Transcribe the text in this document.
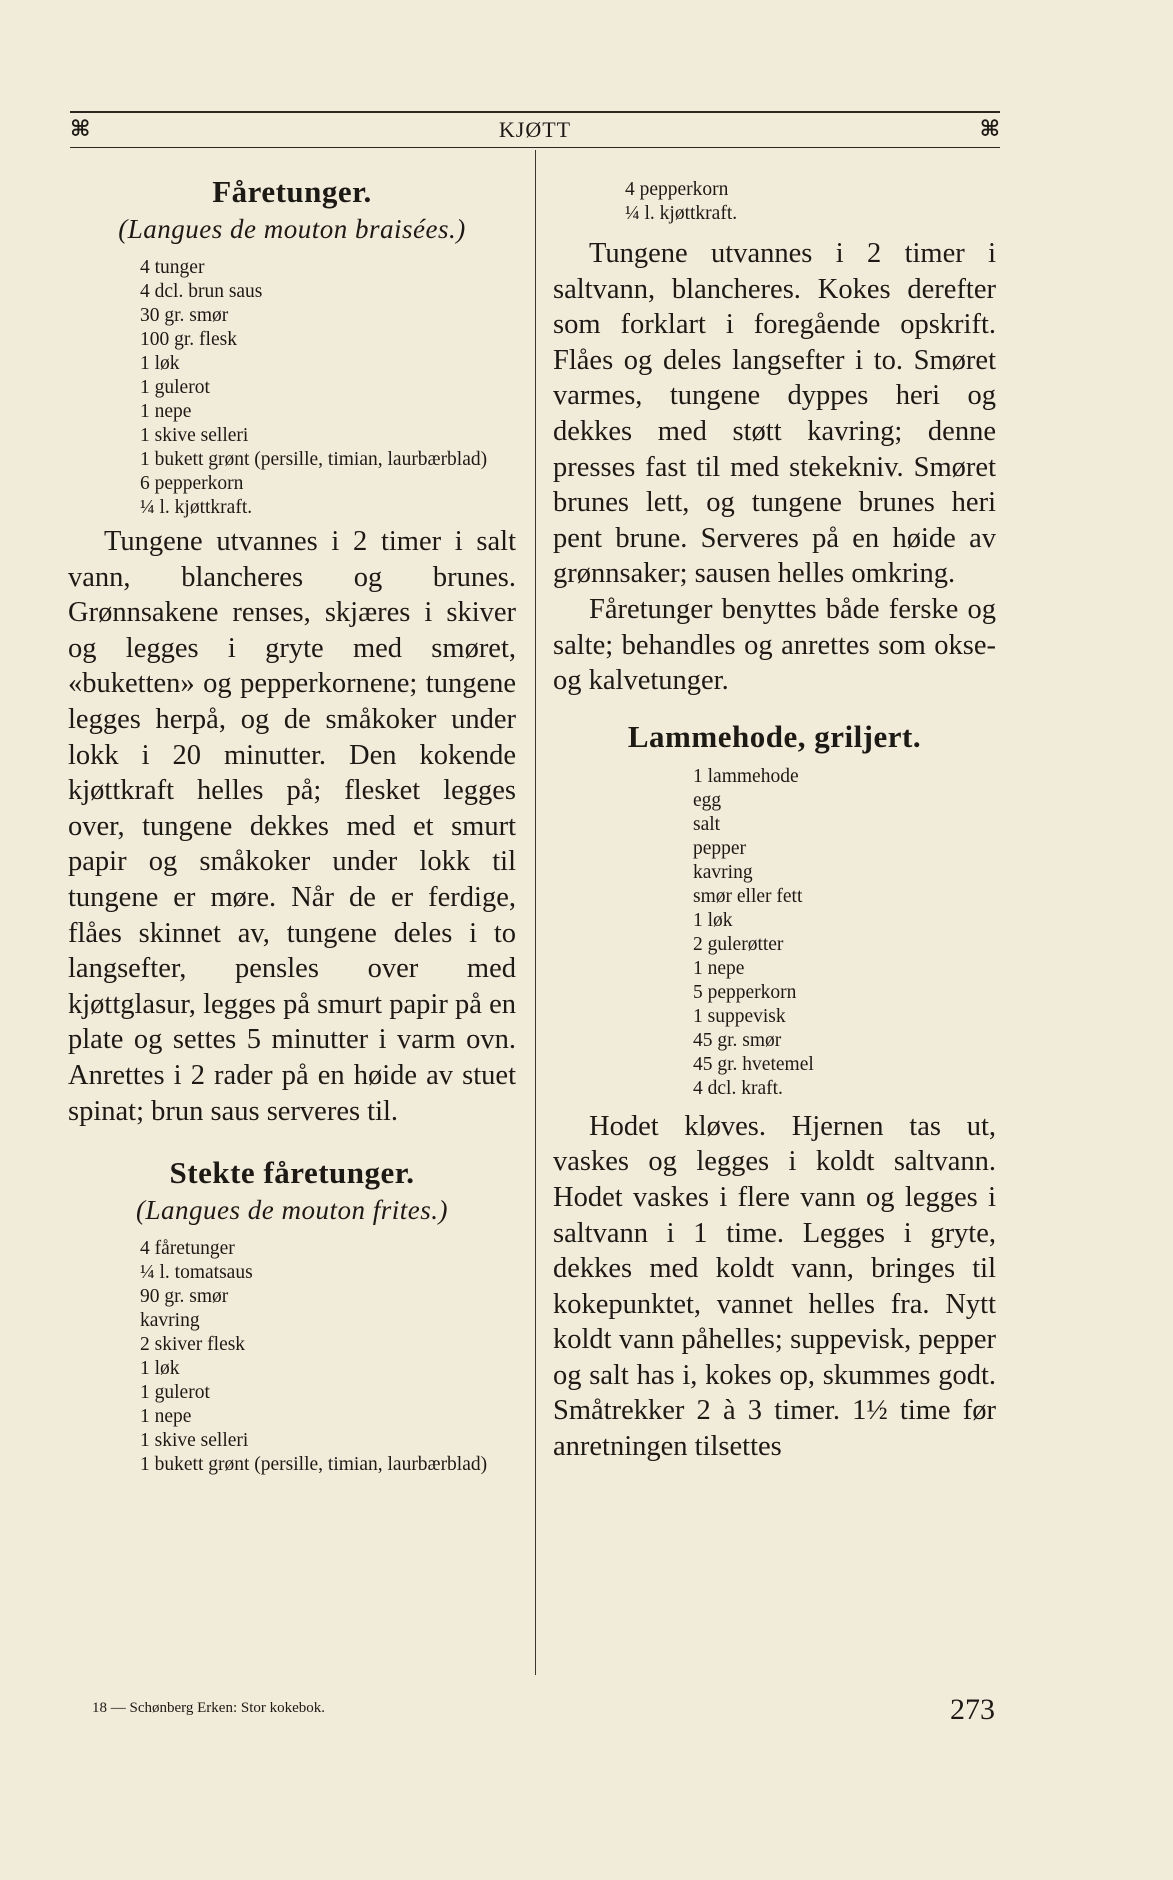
⌘	KJØTT	⌘
Fåretunger.
(Langues de mouton braisées.)
4 tunger
4 dcl. brun saus
30 gr. smør
100 gr. flesk
1 løk
1 gulerot
1 nepe
1 skive selleri
1 bukett grønt (persille, timian, laurbærblad)
6 pepperkorn
¼ l. kjøttkraft.

Tungene utvannes i 2 timer i salt vann, blancheres og brunes. Grønnsakene renses, skjæres i skiver og legges i gryte med smøret, «buketten» og pepperkornene; tungene legges herpå, og de småkoker under lokk i 20 minutter. Den kokende kjøttkraft helles på; flesket legges over, tungene dekkes med et smurt papir og småkoker under lokk til tungene er møre. Når de er ferdige, flåes skinnet av, tungene deles i to langsefter, pensles over med kjøttglasur, legges på smurt papir på en plate og settes 5 minutter i varm ovn. Anrettes i 2 rader på en høide av stuet spinat; brun saus serveres til.

Stekte fåretunger.
(Langues de mouton frites.)
4 fåretunger
¼ l. tomatsaus
90 gr. smør
kavring
2 skiver flesk
1 løk
1 gulerot
1 nepe
1 skive selleri
1 bukett grønt (persille, timian, laurbærblad)
4 pepperkorn
¼ l. kjøttkraft.

Tungene utvannes i 2 timer i saltvann, blancheres. Kokes derefter som forklart i foregående opskrift. Flåes og deles langsefter i to. Smøret varmes, tungene dyppes heri og dekkes med støtt kavring; denne presses fast til med stekekniv. Smøret brunes lett, og tungene brunes heri pent brune. Serveres på en høide av grønnsaker; sausen helles omkring.

Fåretunger benyttes både ferske og salte; behandles og anrettes som okse- og kalvetunger.

Lammehode, griljert.
1 lammehode
egg
salt
pepper
kavring
smør eller fett
1 løk
2 gulerøtter
1 nepe
5 pepperkorn
1 suppevisk
45 gr. smør
45 gr. hvetemel
4 dcl. kraft.

Hodet kløves. Hjernen tas ut, vaskes og legges i koldt saltvann. Hodet vaskes i flere vann og legges i saltvann i 1 time. Legges i gryte, dekkes med koldt vann, bringes til kokepunktet, vannet helles fra. Nytt koldt vann påhelles; suppevisk, pepper og salt has i, kokes op, skummes godt. Småtrekker 2 à 3 timer. 1½ time før anretningen tilsettes

18 — Schønberg Erken: Stor kokebok.	273
